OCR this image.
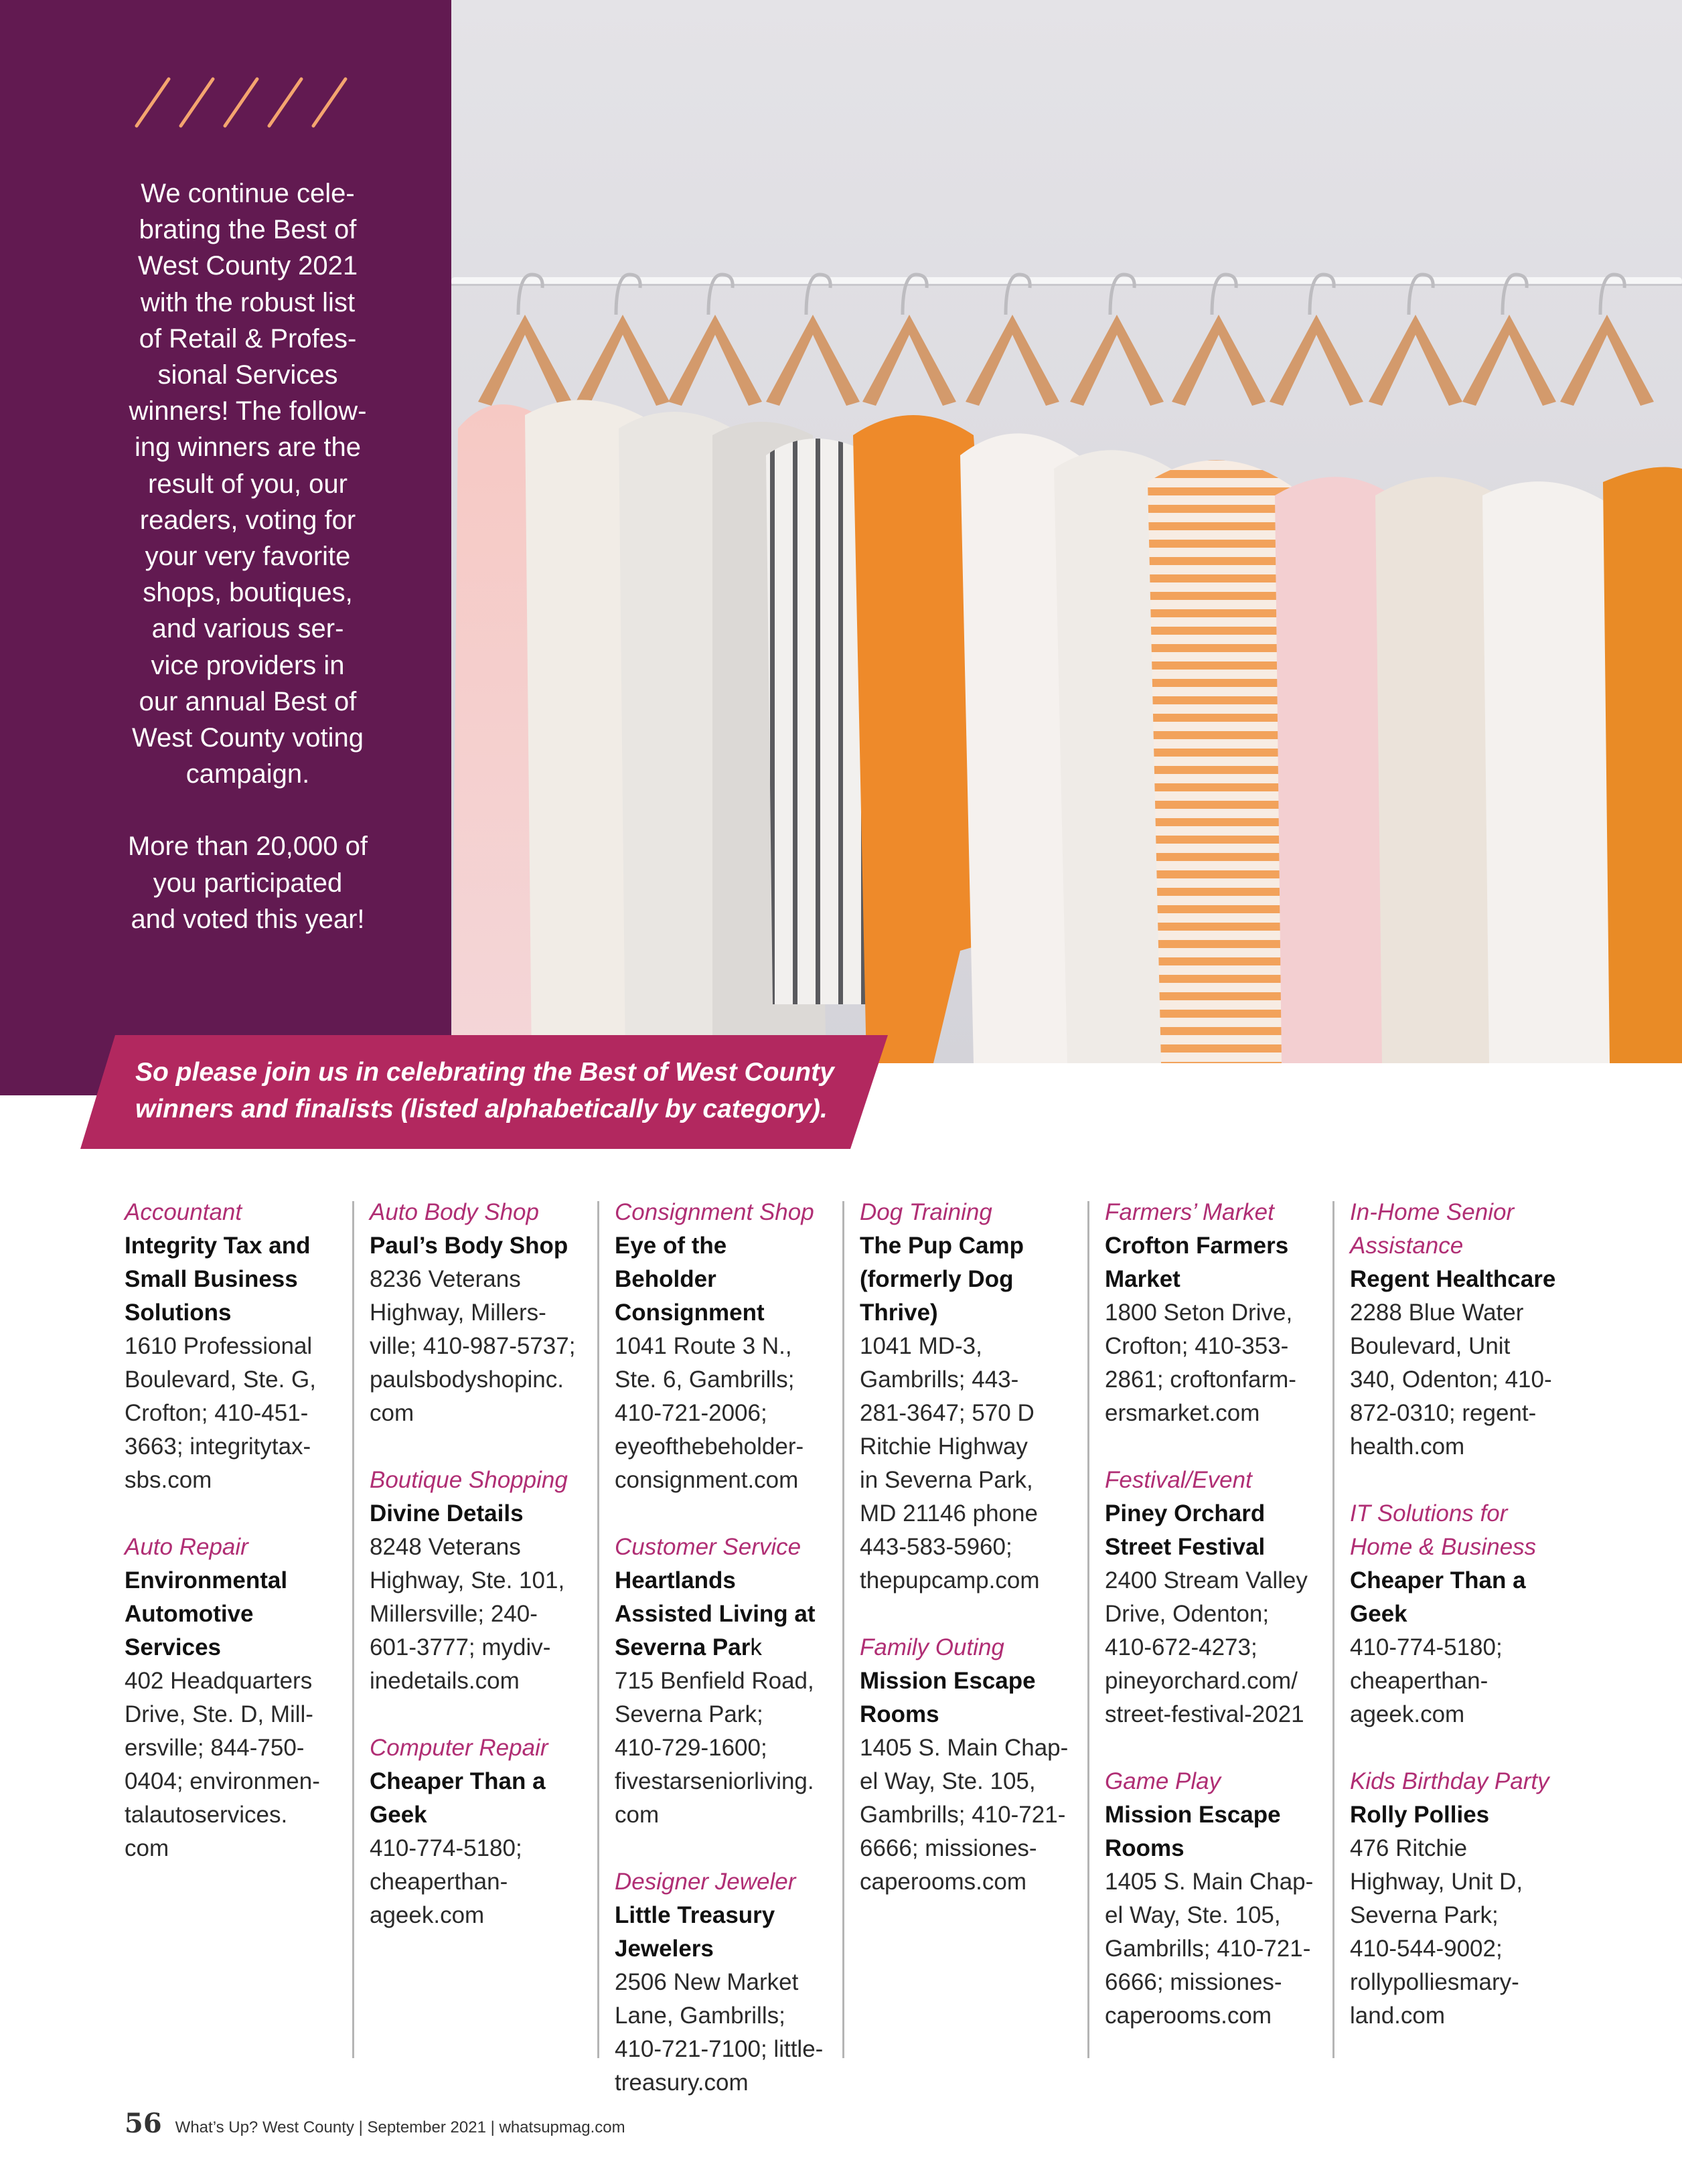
We continue cele-
brating the Best of
West County 2021
with the robust list
of Retail & Profes-
sional Services
winners! The follow-
ing winners are the
result of you, our
readers, voting for
your very favorite
shops, boutiques,
and various ser-
vice providers in
our annual Best of
West County voting
campaign.

More than 20,000 of
you participated
and voted this year!

So please join us in celebrating the Best of West County
winners and finalists (listed alphabetically by category).
Accountant
Integrity Tax and
Small Business
Solutions
1610 Professional
Boulevard, Ste. G,
Crofton; 410-451-
3663; integritytax-
sbs.com
Auto Repair
Environmental
Automotive
Services
402 Headquarters
Drive, Ste. D, Mill-
ersville; 844-750-
0404; environmen-
talautoservices.
com
Auto Body Shop
Paul’s Body Shop
8236 Veterans
Highway, Millers-
ville; 410-987-5737;
paulsbodyshopinc.
com
Boutique Shopping
Divine Details
8248 Veterans
Highway, Ste. 101,
Millersville; 240-
601-3777; mydiv-
inedetails.com
Computer Repair
Cheaper Than a
Geek
410-774-5180;
cheaperthan-
ageek.com
Consignment Shop
Eye of the Beholder
Consignment
1041 Route 3 N.,
Ste. 6, Gambrills;
410-721-2006;
eyeofthebeholder-
consignment.com
Customer Service
Heartlands
Assisted Living at
Severnа Park
715 Benfield Road,
Severna Park;
410-729-1600;
fivestarseniorliving.
com
Designer Jeweler
Little Treasury
Jewelers
2506 New Market
Lane, Gambrills;
410-721-7100; little-
treasury.com
Dog Training
The Pup Camp
(formerly Dog
Thrive)
1041 MD-3,
Gambrills; 443-
281-3647; 570 D
Ritchie Highway
in Severna Park,
MD 21146 phone
443-583-5960;
thepupcamp.com
Family Outing
Mission Escape
Rooms
1405 S. Main Chap-
el Way, Ste. 105,
Gambrills; 410-721-
6666; missiones-
caperooms.com
Farmers’ Market
Crofton Farmers
Market
1800 Seton Drive,
Crofton; 410-353-
2861; croftonfarm-
ersmarket.com
Festival/Event
Piney Orchard
Street Festival
2400 Stream Valley
Drive, Odenton;
410-672-4273;
pineyorchard.com/
street-festival-2021
Game Play
Mission Escape
Rooms
1405 S. Main Chap-
el Way, Ste. 105,
Gambrills; 410-721-
6666; missiones-
caperooms.com
In-Home Senior
Assistance
Regent Healthcare
2288 Blue Water
Boulevard, Unit
340, Odenton; 410-
872-0310; regent-
health.com
IT Solutions for
Home & Business
Cheaper Than a
Geek
410-774-5180;
cheaperthan-
ageek.com
Kids Birthday Party
Rolly Pollies
476 Ritchie
Highway, Unit D,
Severna Park;
410-544-9002;
rollypolliesmary-
land.com
56 What’s Up? West County | September 2021 | whatsupmag.com
